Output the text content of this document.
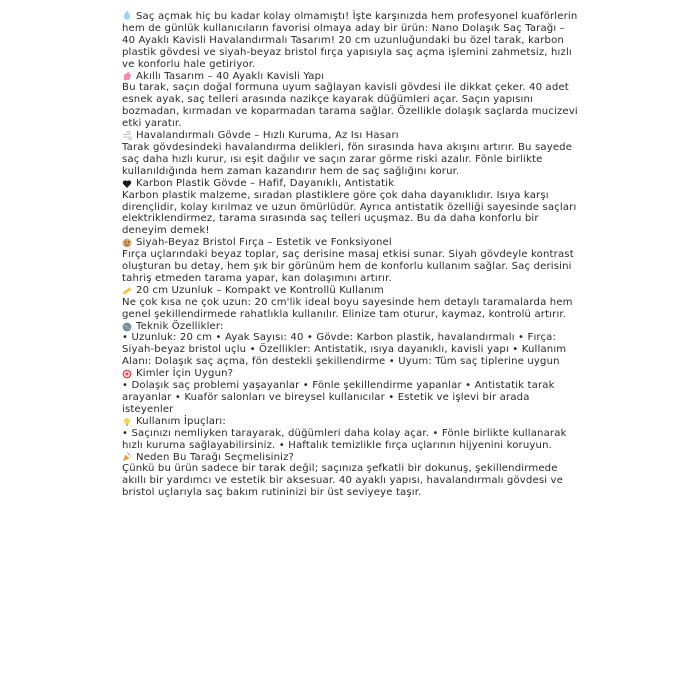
Saç açmak hiç bu kadar kolay olmamıştı! İşte karşınızda hem profesyonel kuaförlerin hem de günlük kullanıcıların favorisi olmaya aday bir ürün: Nano Dolaşık Saç Tarağı – 40 Ayaklı Kavisli Havalandırmalı Tasarım! 20 cm uzunluğundaki bu özel tarak, karbon plastik gövdesi ve siyah-beyaz bristol fırça yapısıyla saç açma işlemini zahmetsiz, hızlı ve konforlu hale getiriyor.

Akıllı Tasarım – 40 Ayaklı Kavisli Yapı

Bu tarak, saçın doğal formuna uyum sağlayan kavisli gövdesi ile dikkat çeker. 40 adet esnek ayak, saç telleri arasında nazikçe kayarak düğümleri açar. Saçın yapısını bozmadan, kırmadan ve koparmadan tarama sağlar. Özellikle dolaşık saçlarda mucizevi etki yaratır.

Havalandırmalı Gövde – Hızlı Kuruma, Az Isı Hasarı

Tarak gövdesindeki havalandırma delikleri, fön sırasında hava akışını artırır. Bu sayede saç daha hızlı kurur, ısı eşit dağılır ve saçın zarar görme riski azalır. Fönle birlikte kullanıldığında hem zaman kazandırır hem de saç sağlığını korur.

Karbon Plastik Gövde – Hafif, Dayanıklı, Antistatik

Karbon plastik malzeme, sıradan plastiklere göre çok daha dayanıklıdır. Isıya karşı dirençlidir, kolay kırılmaz ve uzun ömürlüdür. Ayrıca antistatik özelliği sayesinde saçları elektriklendirmez, tarama sırasında saç telleri uçuşmaz. Bu da daha konforlu bir deneyim demek!

Siyah-Beyaz Bristol Fırça – Estetik ve Fonksiyonel

Fırça uçlarındaki beyaz toplar, saç derisine masaj etkisi sunar. Siyah gövdeyle kontrast oluşturan bu detay, hem şık bir görünüm hem de konforlu kullanım sağlar. Saç derisini tahriş etmeden tarama yapar, kan dolaşımını artırır.

20 cm Uzunluk – Kompakt ve Kontrollü Kullanım

Ne çok kısa ne çok uzun: 20 cm'lik ideal boyu sayesinde hem detaylı taramalarda hem genel şekillendirmede rahatlıkla kullanılır. Elinize tam oturur, kaymaz, kontrolü artırır.

Teknik Özellikler:

• Uzunluk: 20 cm • Ayak Sayısı: 40 • Gövde: Karbon plastik, havalandırmalı • Fırça: Siyah-beyaz bristol uçlu • Özellikler: Antistatik, ısıya dayanıklı, kavisli yapı • Kullanım Alanı: Dolaşık saç açma, fön destekli şekillendirme • Uyum: Tüm saç tiplerine uygun

Kimler İçin Uygun?

• Dolaşık saç problemi yaşayanlar • Fönle şekillendirme yapanlar • Antistatik tarak arayanlar • Kuaför salonları ve bireysel kullanıcılar • Estetik ve işlevi bir arada isteyenler

Kullanım İpuçları:

• Saçınızı nemliyken tarayarak, düğümleri daha kolay açar. • Fönle birlikte kullanarak hızlı kuruma sağlayabilirsiniz. • Haftalık temizlikle fırça uçlarının hijyenini koruyun.

Neden Bu Tarağı Seçmelisiniz?

Çünkü bu ürün sadece bir tarak değil; saçınıza şefkatli bir dokunuş, şekillendirmede akıllı bir yardımcı ve estetik bir aksesuar. 40 ayaklı yapısı, havalandırmalı gövdesi ve bristol uçlarıyla saç bakım rutininizi bir üst seviyeye taşır.
